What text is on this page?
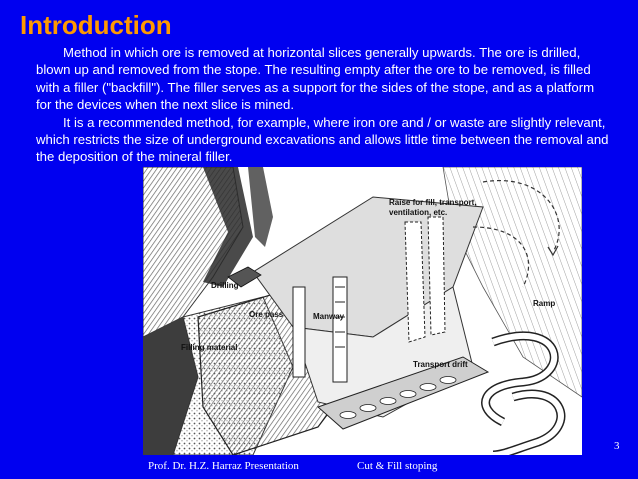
Introduction

Method in which ore is removed at horizontal slices generally upwards. The ore is drilled, blown up and removed from the stope. The resulting empty after the ore to be removed, is filled with a filler ("backfill"). The filler serves as a support for the sides of the stope, and as a platform for the devices when the next slice is mined.

It is a recommended method, for example, where iron ore and / or waste are slightly relevant, which restricts the size of underground excavations and allows little time between the removal and the deposition of the mineral filler.

Raise for fill, transport,
ventilation, etc.
Drilling
Ore pass	Manway
Ramp
Filling material
Transport drift
3
Prof. Dr. H.Z. Harraz Presentation	Cut & Fill stoping
